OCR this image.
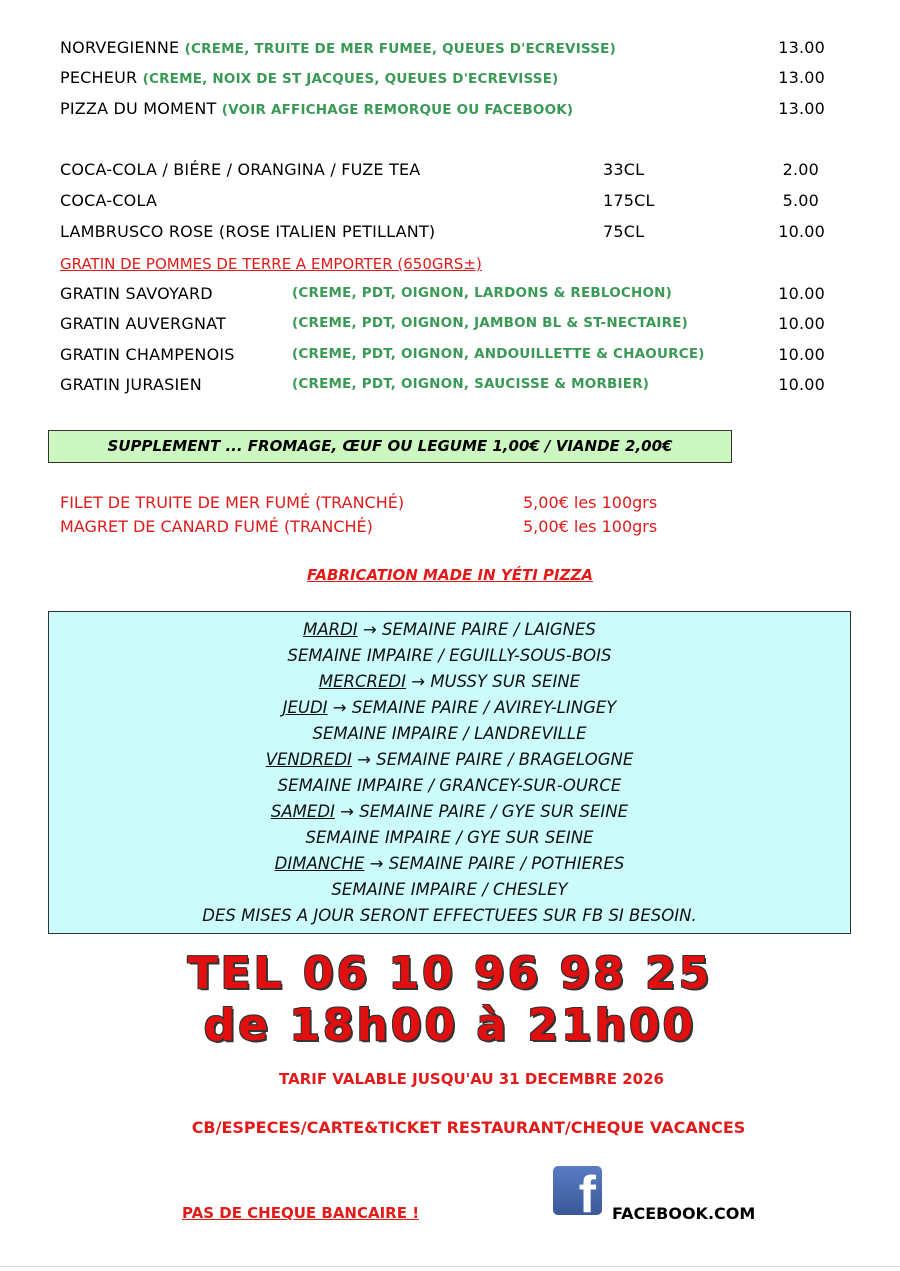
NORVEGIENNE (CREME, TRUITE DE MER FUMEE, QUEUES D'ECREVISSE)	13.00
PECHEUR (CREME, NOIX DE ST JACQUES, QUEUES D'ECREVISSE)	13.00
PIZZA DU MOMENT (VOIR AFFICHAGE REMORQUE OU FACEBOOK)	13.00
COCA-COLA / BIÉRE / ORANGINA / FUZE TEA	33CL	2.00
COCA-COLA	175CL	5.00
LAMBRUSCO ROSE (ROSE ITALIEN PETILLANT)	75CL	10.00
GRATIN DE POMMES DE TERRE A EMPORTER (650GRS±)
GRATIN SAVOYARD	(CREME, PDT, OIGNON, LARDONS & REBLOCHON)	10.00
GRATIN AUVERGNAT	(CREME, PDT, OIGNON, JAMBON BL & ST-NECTAIRE)	10.00
GRATIN CHAMPENOIS	(CREME, PDT, OIGNON, ANDOUILLETTE & CHAOURCE)	10.00
GRATIN JURASIEN	(CREME, PDT, OIGNON, SAUCISSE & MORBIER)	10.00
SUPPLEMENT ... FROMAGE, ŒUF OU LEGUME 1,00€ / VIANDE 2,00€
FILET DE TRUITE DE MER FUMÉ (TRANCHÉ)	5,00€ les 100grs
MAGRET DE CANARD FUMÉ (TRANCHÉ)	5,00€ les 100grs
FABRICATION MADE IN YÉTI PIZZA
MARDI → SEMAINE PAIRE / LAIGNES
SEMAINE IMPAIRE / EGUILLY-SOUS-BOIS
MERCREDI → MUSSY SUR SEINE
JEUDI → SEMAINE PAIRE / AVIREY-LINGEY
SEMAINE IMPAIRE / LANDREVILLE
VENDREDI → SEMAINE PAIRE / BRAGELOGNE
SEMAINE IMPAIRE / GRANCEY-SUR-OURCE
SAMEDI → SEMAINE PAIRE / GYE SUR SEINE
SEMAINE IMPAIRE / GYE SUR SEINE
DIMANCHE → SEMAINE PAIRE / POTHIERES
SEMAINE IMPAIRE / CHESLEY
DES MISES A JOUR SERONT EFFECTUEES SUR FB SI BESOIN.
TEL 06 10 96 98 25
de 18h00 à 21h00
TARIF VALABLE JUSQU'AU 31 DECEMBRE 2026
CB/ESPECES/CARTE&TICKET RESTAURANT/CHEQUE VACANCES
PAS DE CHEQUE BANCAIRE !	f FACEBOOK.COM
